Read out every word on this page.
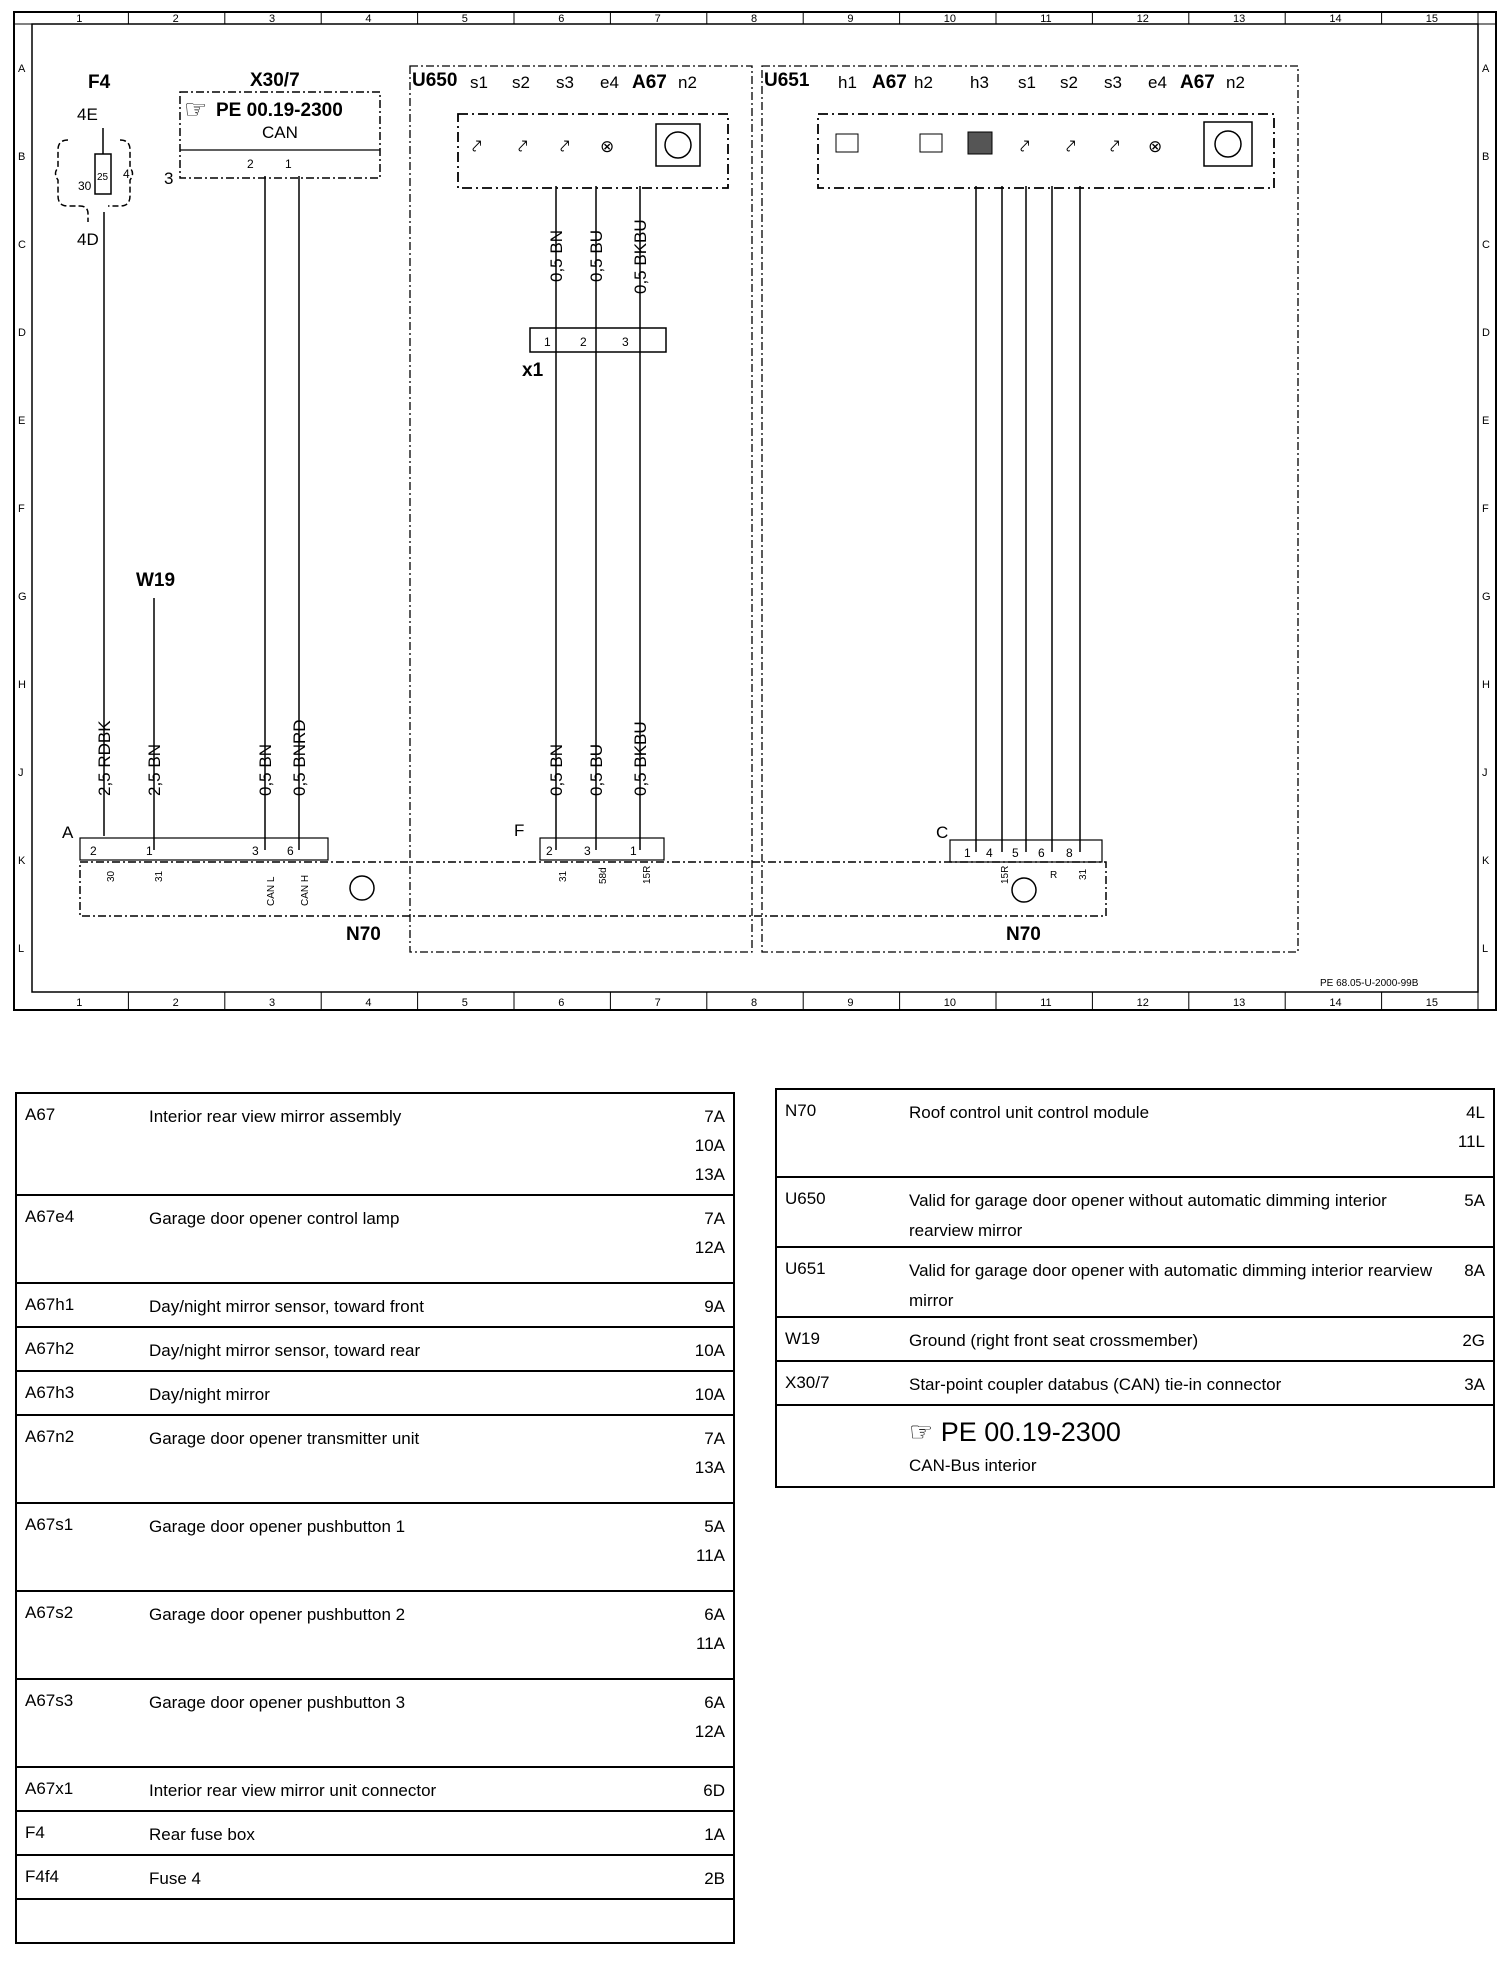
1	2	3	4	5	6	7	8	9	10	11	12	13	14	15
1	2	3	4	5	6	7	8	9	10	11	12	13	14	15
A
B
C
D
E
F
G
H
J
K
L
A
B
C
D
E
F
G
H
J
K
L
F4
4E
4D
25
30
4
X30/7
☞ PE 00.19-2300
CAN
2	1
3
U650 s1 s2 s3 e4 A67 n2
⤤ ⤤ ⤤ ⊗
U651 h1 A67 h2 h3 s1 s2 s3 e4 A67 n2
⤤ ⤤ ⤤ ⊗
x1
1 2	3
W19
0,5 BN 0,5 BU 0,5 BKBU
2,5 RDBK 2,5 BN	0,5 BN 0,5 BNRD	0,5 BN 0,5 BU 0,5 BKBU
A	F	C
2	1	3 6
30	31
CAN L CAN H
2	3	1
31	58d	15R
1 4 5 6 8
15R	R 31
N70	N70
PE 68.05-U-2000-99B
A67	Interior rear view mirror assembly	7A
10A
13A
A67e4	Garage door opener control lamp	7A
12A
A67h1	Day/night mirror sensor, toward front	9A
A67h2	Day/night mirror sensor, toward rear	10A
A67h3	Day/night mirror	10A
A67n2	Garage door opener transmitter unit	7A
13A
A67s1	Garage door opener pushbutton 1	5A
11A
A67s2	Garage door opener pushbutton 2	6A
11A
A67s3	Garage door opener pushbutton 3	6A
12A
A67x1	Interior rear view mirror unit connector	6D
F4	Rear fuse box	1A
F4f4	Fuse 4	2B

N70	Roof control unit control module	4L
11L
U650	Valid for garage door opener without automatic dimming interior rearview mirror	5A
U651	Valid for garage door opener with automatic dimming interior rearview mirror	8A
W19	Ground (right front seat crossmember)	2G
X30/7	Star-point coupler databus (CAN) tie-in connector	3A

	☞ PE 00.19-2300
CAN-Bus interior	
